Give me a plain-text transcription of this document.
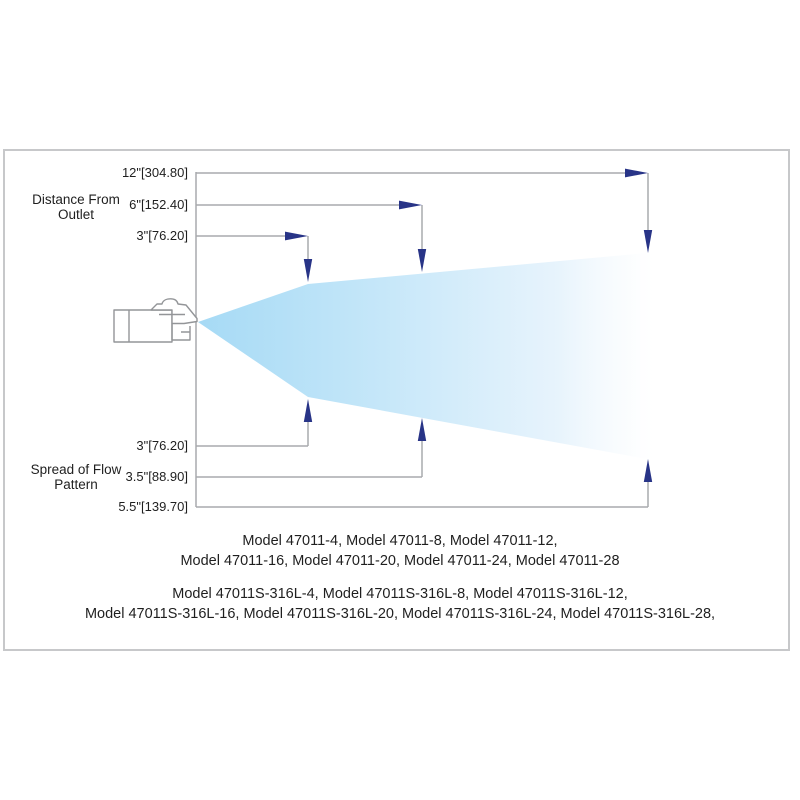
12"[304.80]
6"[152.40]
3"[76.20]
Distance From Outlet
Spread of Flow Pattern
3"[76.20]
3.5"[88.90]
5.5"[139.70]
Model 47011-4, Model 47011-8, Model 47011-12,
Model 47011-16, Model 47011-20, Model 47011-24, Model 47011-28
Model 47011S-316L-4, Model 47011S-316L-8, Model 47011S-316L-12,
Model 47011S-316L-16, Model 47011S-316L-20, Model 47011S-316L-24, Model 47011S-316L-28,
